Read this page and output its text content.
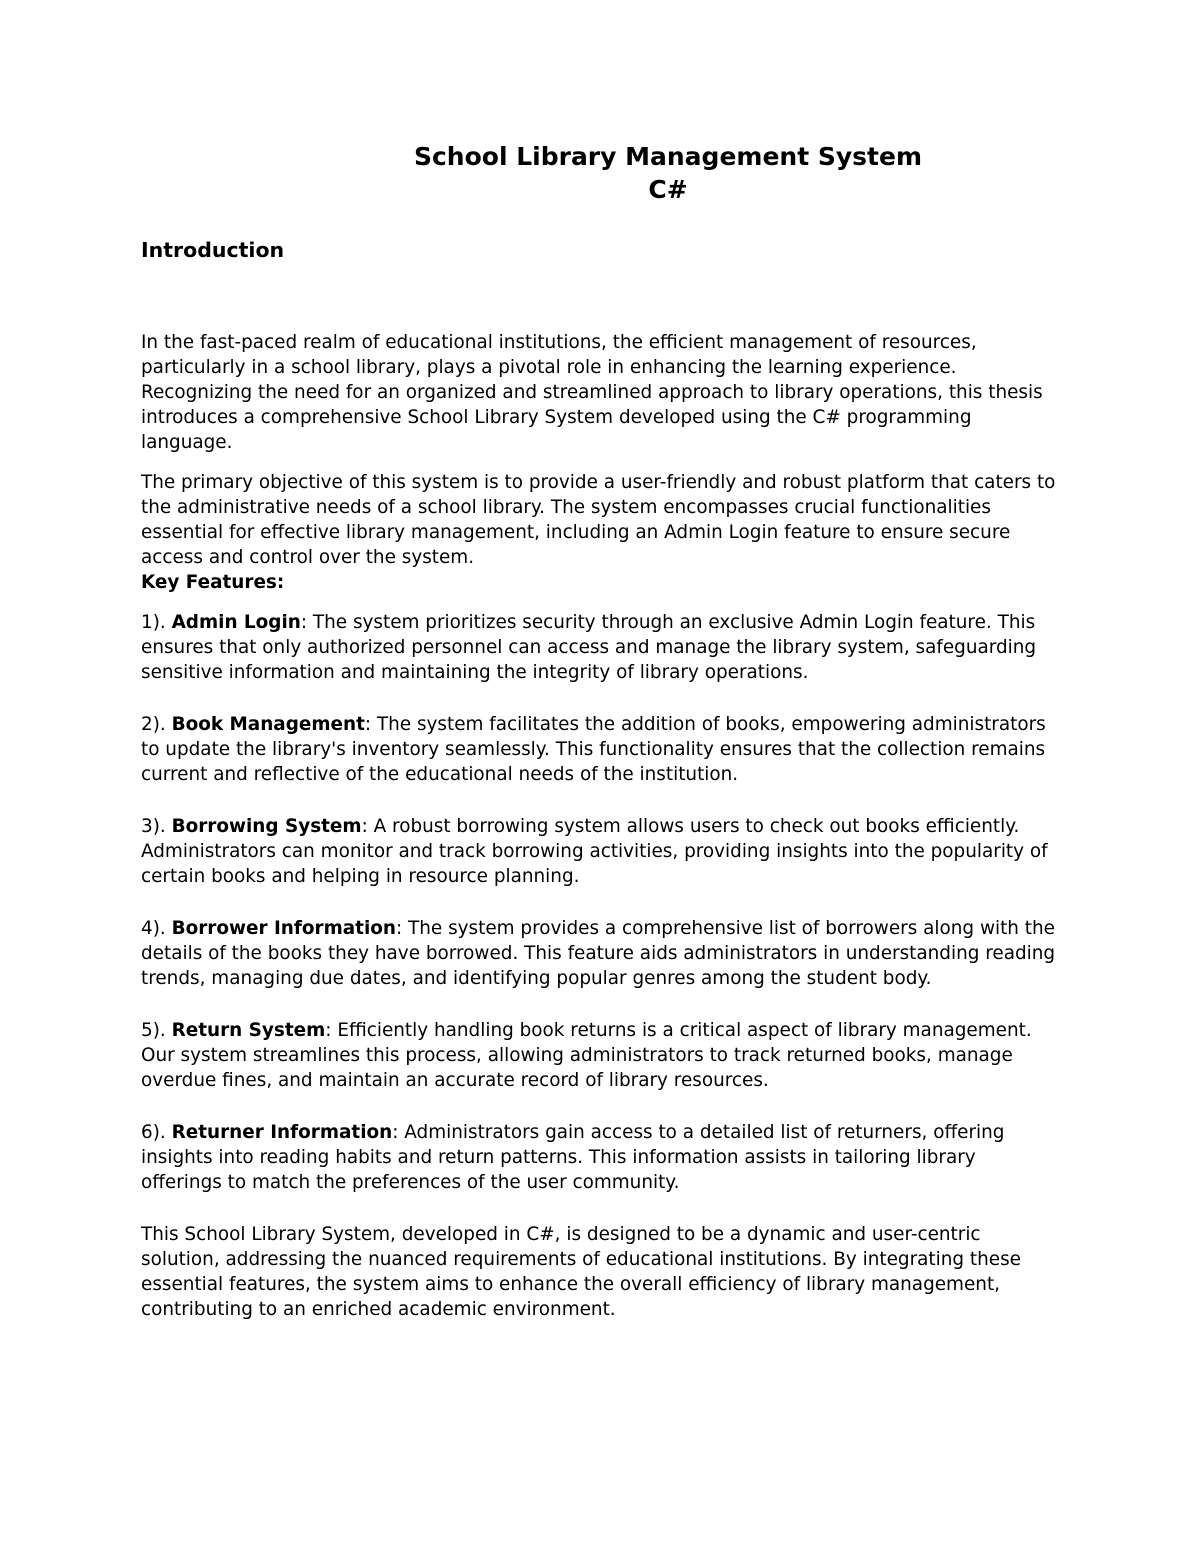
School Library Management System

C#

Introduction

In the fast-paced realm of educational institutions, the efficient management of resources, particularly in a school library, plays a pivotal role in enhancing the learning experience. Recognizing the need for an organized and streamlined approach to library operations, this thesis introduces a comprehensive School Library System developed using the C# programming language.

The primary objective of this system is to provide a user-friendly and robust platform that caters to the administrative needs of a school library. The system encompasses crucial functionalities essential for effective library management, including an Admin Login feature to ensure secure access and control over the system.

Key Features:

1). Admin Login: The system prioritizes security through an exclusive Admin Login feature. This ensures that only authorized personnel can access and manage the library system, safeguarding sensitive information and maintaining the integrity of library operations.

2). Book Management: The system facilitates the addition of books, empowering administrators to update the library's inventory seamlessly. This functionality ensures that the collection remains current and reflective of the educational needs of the institution.

3). Borrowing System: A robust borrowing system allows users to check out books efficiently. Administrators can monitor and track borrowing activities, providing insights into the popularity of certain books and helping in resource planning.

4). Borrower Information: The system provides a comprehensive list of borrowers along with the details of the books they have borrowed. This feature aids administrators in understanding reading trends, managing due dates, and identifying popular genres among the student body.

5). Return System: Efficiently handling book returns is a critical aspect of library management. Our system streamlines this process, allowing administrators to track returned books, manage overdue fines, and maintain an accurate record of library resources.

6). Returner Information: Administrators gain access to a detailed list of returners, offering insights into reading habits and return patterns. This information assists in tailoring library offerings to match the preferences of the user community.

This School Library System, developed in C#, is designed to be a dynamic and user-centric solution, addressing the nuanced requirements of educational institutions. By integrating these essential features, the system aims to enhance the overall efficiency of library management, contributing to an enriched academic environment.
